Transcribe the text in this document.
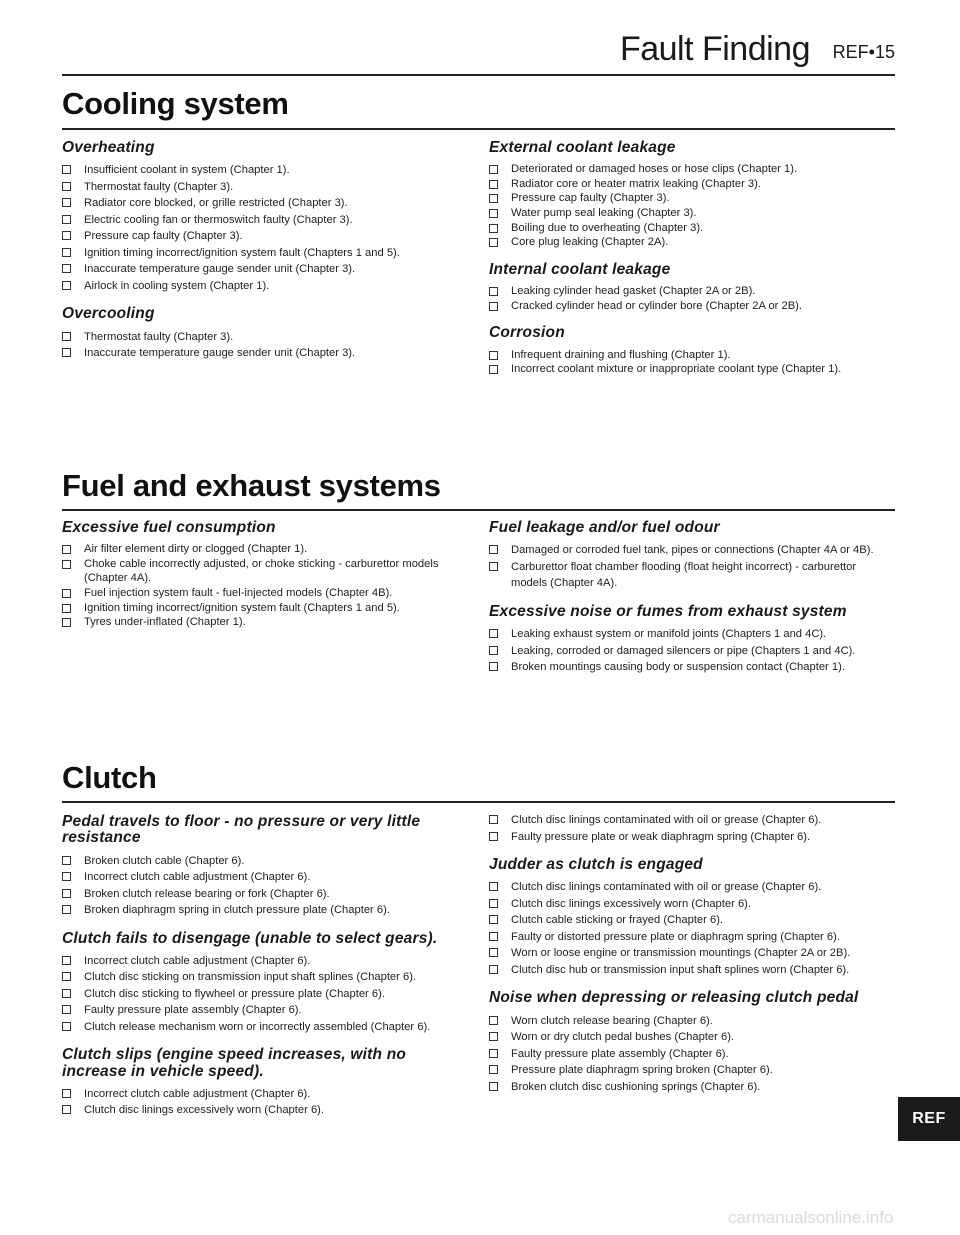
Fault Finding REF•15
Cooling system
Overheating
Insufficient coolant in system (Chapter 1).
Thermostat faulty (Chapter 3).
Radiator core blocked, or grille restricted (Chapter 3).
Electric cooling fan or thermoswitch faulty (Chapter 3).
Pressure cap faulty (Chapter 3).
Ignition timing incorrect/ignition system fault (Chapters 1 and 5).
Inaccurate temperature gauge sender unit (Chapter 3).
Airlock in cooling system (Chapter 1).
Overcooling
Thermostat faulty (Chapter 3).
Inaccurate temperature gauge sender unit (Chapter 3).
External coolant leakage
Deteriorated or damaged hoses or hose clips (Chapter 1).
Radiator core or heater matrix leaking (Chapter 3).
Pressure cap faulty (Chapter 3).
Water pump seal leaking (Chapter 3).
Boiling due to overheating (Chapter 3).
Core plug leaking (Chapter 2A).
Internal coolant leakage
Leaking cylinder head gasket (Chapter 2A or 2B).
Cracked cylinder head or cylinder bore (Chapter 2A or 2B).
Corrosion
Infrequent draining and flushing (Chapter 1).
Incorrect coolant mixture or inappropriate coolant type (Chapter 1).
Fuel and exhaust systems
Excessive fuel consumption
Air filter element dirty or clogged (Chapter 1).
Choke cable incorrectly adjusted, or choke sticking - carburettor models (Chapter 4A).
Fuel injection system fault - fuel-injected models (Chapter 4B).
Ignition timing incorrect/ignition system fault (Chapters 1 and 5).
Tyres under-inflated (Chapter 1).
Fuel leakage and/or fuel odour
Damaged or corroded fuel tank, pipes or connections (Chapter 4A or 4B).
Carburettor float chamber flooding (float height incorrect) - carburettor models (Chapter 4A).
Excessive noise or fumes from exhaust system
Leaking exhaust system or manifold joints (Chapters 1 and 4C).
Leaking, corroded or damaged silencers or pipe (Chapters 1 and 4C).
Broken mountings causing body or suspension contact (Chapter 1).
Clutch
Pedal travels to floor - no pressure or very little resistance
Broken clutch cable (Chapter 6).
Incorrect clutch cable adjustment (Chapter 6).
Broken clutch release bearing or fork (Chapter 6).
Broken diaphragm spring in clutch pressure plate (Chapter 6).
Clutch fails to disengage (unable to select gears).
Incorrect clutch cable adjustment (Chapter 6).
Clutch disc sticking on transmission input shaft splines (Chapter 6).
Clutch disc sticking to flywheel or pressure plate (Chapter 6).
Faulty pressure plate assembly (Chapter 6).
Clutch release mechanism worn or incorrectly assembled (Chapter 6).
Clutch slips (engine speed increases, with no increase in vehicle speed).
Incorrect clutch cable adjustment (Chapter 6).
Clutch disc linings excessively worn (Chapter 6).
Clutch disc linings contaminated with oil or grease (Chapter 6).
Faulty pressure plate or weak diaphragm spring (Chapter 6).
Judder as clutch is engaged
Clutch disc linings contaminated with oil or grease (Chapter 6).
Clutch disc linings excessively worn (Chapter 6).
Clutch cable sticking or frayed (Chapter 6).
Faulty or distorted pressure plate or diaphragm spring (Chapter 6).
Worn or loose engine or transmission mountings (Chapter 2A or 2B).
Clutch disc hub or transmission input shaft splines worn (Chapter 6).
Noise when depressing or releasing clutch pedal
Worn clutch release bearing (Chapter 6).
Worn or dry clutch pedal bushes (Chapter 6).
Faulty pressure plate assembly (Chapter 6).
Pressure plate diaphragm spring broken (Chapter 6).
Broken clutch disc cushioning springs (Chapter 6).
REF
carmanualsonline.info
